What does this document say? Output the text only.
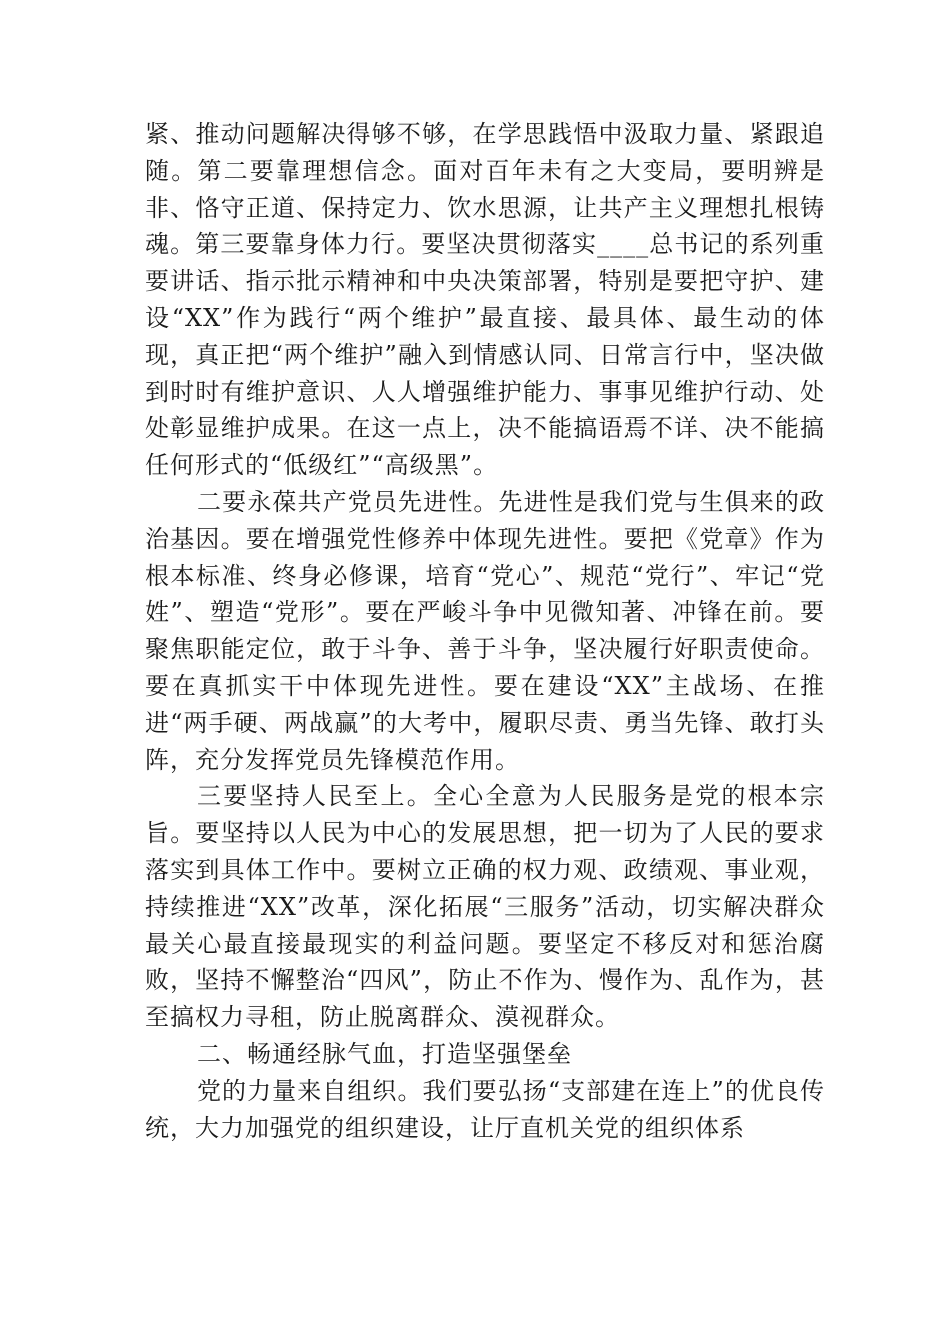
紧、推动问题解决得够不够，在学思践悟中汲取力量、紧跟追随。第二要靠理想信念。面对百年未有之大变局，要明辨是非、恪守正道、保持定力、饮水思源，让共产主义理想扎根铸魂。第三要靠身体力行。要坚决贯彻落实____总书记的系列重要讲话、指示批示精神和中央决策部署，特别是要把守护、建设“XX”作为践行“两个维护”最直接、最具体、最生动的体现，真正把“两个维护”融入到情感认同、日常言行中，坚决做到时时有维护意识、人人增强维护能力、事事见维护行动、处处彰显维护成果。在这一点上，决不能搞语焉不详、决不能搞任何形式的“低级红”“高级黑”。

二要永葆共产党员先进性。先进性是我们党与生俱来的政治基因。要在增强党性修养中体现先进性。要把《党章》作为根本标准、终身必修课，培育“党心”、规范“党行”、牢记“党姓”、塑造“党形”。要在严峻斗争中见微知著、冲锋在前。要聚焦职能定位，敢于斗争、善于斗争，坚决履行好职责使命。要在真抓实干中体现先进性。要在建设“XX”主战场、在推进“两手硬、两战赢”的大考中，履职尽责、勇当先锋、敢打头阵，充分发挥党员先锋模范作用。

三要坚持人民至上。全心全意为人民服务是党的根本宗旨。要坚持以人民为中心的发展思想，把一切为了人民的要求落实到具体工作中。要树立正确的权力观、政绩观、事业观，持续推进“XX”改革，深化拓展“三服务”活动，切实解决群众最关心最直接最现实的利益问题。要坚定不移反对和惩治腐败，坚持不懈整治“四风”，防止不作为、慢作为、乱作为，甚至搞权力寻租，防止脱离群众、漠视群众。

二、畅通经脉气血，打造坚强堡垒

党的力量来自组织。我们要弘扬“支部建在连上”的优良传统，大力加强党的组织建设，让厅直机关党的组织体系
